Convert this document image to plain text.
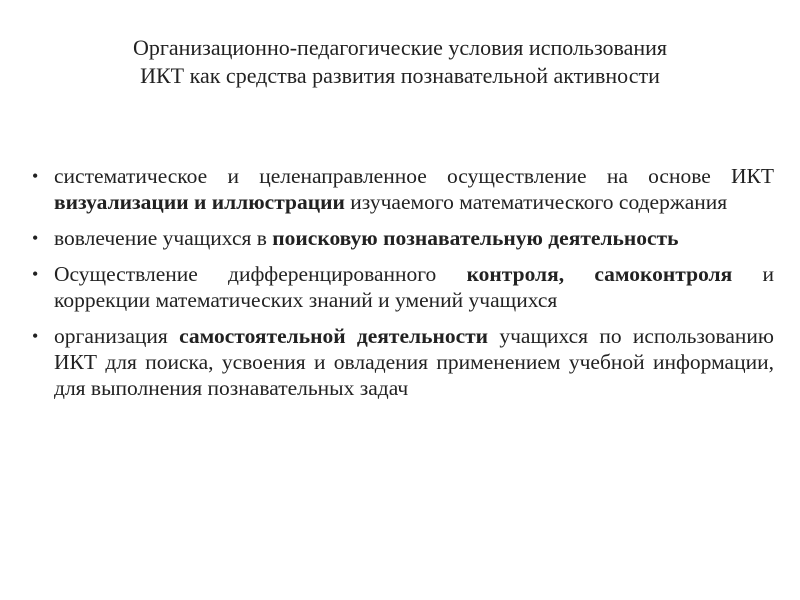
Организационно-педагогические условия использования
ИКТ как средства развития познавательной активности
• систематическое и целенаправленное осуществление на основе ИКТ визуализации и иллюстрации изучаемого математического содержания
• вовлечение учащихся в поисковую познавательную деятельность
• Осуществление дифференцированного контроля, самоконтроля и коррекции математических знаний и умений учащихся
• организация самостоятельной деятельности учащихся по использованию ИКТ для поиска, усвоения и овладения применением учебной информации, для выполнения познавательных задач
